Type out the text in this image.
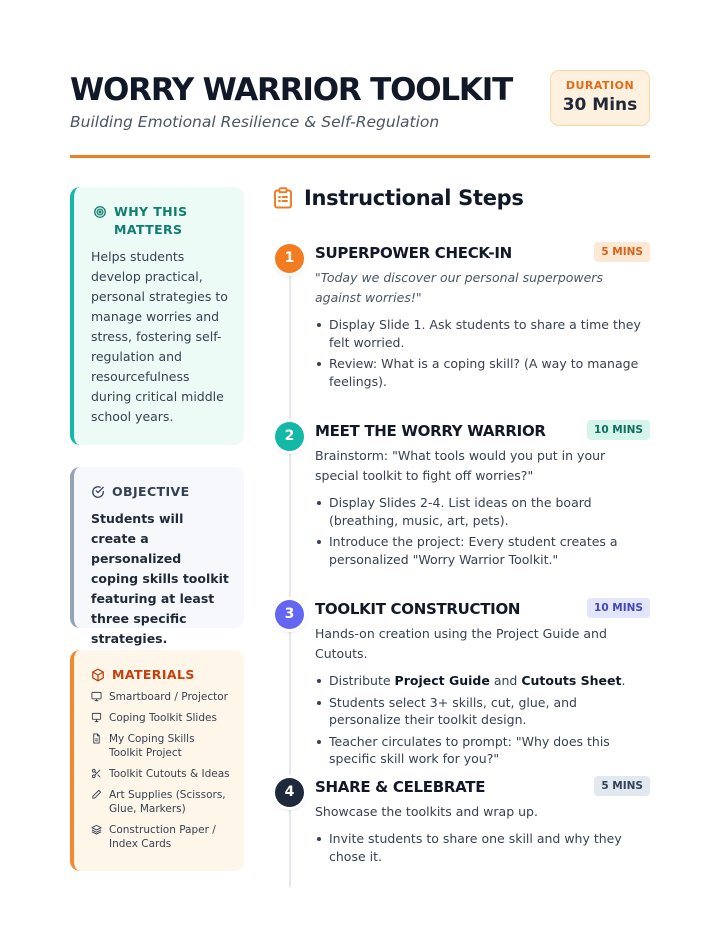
WORRY WARRIOR TOOLKIT
Building Emotional Resilience & Self-Regulation
DURATION
30 Mins
WHY THIS MATTERS
Helps students develop practical, personal strategies to manage worries and stress, fostering self-regulation and resourcefulness during critical middle school years.
OBJECTIVE
Students will create a personalized coping skills toolkit featuring at least three specific strategies.
MATERIALS
Smartboard / Projector
Coping Toolkit Slides
My Coping Skills Toolkit Project
Toolkit Cutouts & Ideas
Art Supplies (Scissors, Glue, Markers)
Construction Paper / Index Cards
Instructional Steps
1	SUPERPOWER CHECK-IN	5 MINS
"Today we discover our personal superpowers against worries!"
Display Slide 1. Ask students to share a time they felt worried.
Review: What is a coping skill? (A way to manage feelings).
2	MEET THE WORRY WARRIOR	10 MINS
Brainstorm: "What tools would you put in your special toolkit to fight off worries?"
Display Slides 2-4. List ideas on the board (breathing, music, art, pets).
Introduce the project: Every student creates a personalized "Worry Warrior Toolkit."
3	TOOLKIT CONSTRUCTION	10 MINS
Hands-on creation using the Project Guide and Cutouts.
Distribute Project Guide and Cutouts Sheet.
Students select 3+ skills, cut, glue, and personalize their toolkit design.
Teacher circulates to prompt: "Why does this specific skill work for you?"
4	SHARE & CELEBRATE	5 MINS
Showcase the toolkits and wrap up.
Invite students to share one skill and why they chose it.
